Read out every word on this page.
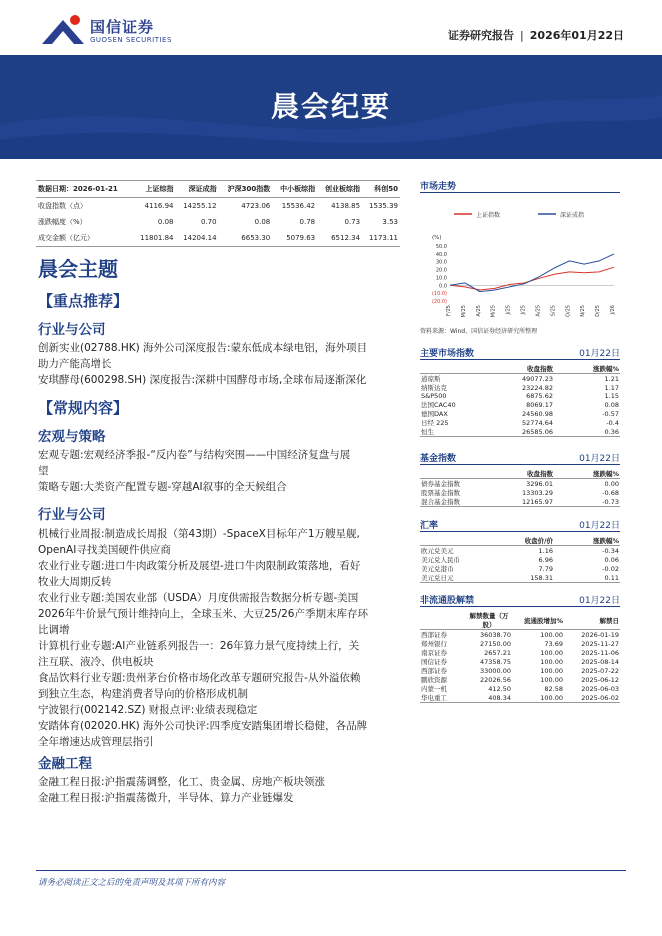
国信证券
GUOSEN SECURITIES	证券研究报告 | 2026年01月22日
晨会纪要
数据日期：2026-01-21	上证综指	深证成指	沪深300指数	中小板综指	创业板综指	科创50
收盘指数（点）	4116.94	14255.12	4723.06	15536.42	4138.85	1535.39
涨跌幅度（%）	0.08	0.70	0.08	0.78	0.73	3.53
成交金额（亿元）	11801.84	14204.14	6653.30	5079.63	6512.34	1173.11
晨会主题
【重点推荐】
行业与公司
创新实业(02788.HK) 海外公司深度报告:蒙东低成本绿电铝，海外项目
助力产能高增长
安琪酵母(600298.SH) 深度报告:深耕中国酵母市场,全球布局逐渐深化
【常规内容】
宏观与策略
宏观专题:宏观经济季报-“反内卷”与结构突围——中国经济复盘与展
望
策略专题:大类资产配置专题-穿越AI叙事的全天候组合
行业与公司
机械行业周报:制造成长周报（第43期）-SpaceX目标年产1万艘星舰,
OpenAI寻找美国硬件供应商
农业行业专题:进口牛肉政策分析及展望-进口牛肉限制政策落地，看好
牧业大周期反转
农业行业专题:美国农业部（USDA）月度供需报告数据分析专题-美国
2026年牛价景气预计维持向上，全球玉米、大豆25/26产季期末库存环
比调增
计算机行业专题:AI产业链系列报告一：26年算力景气度持续上行，关
注互联、液冷、供电板块
食品饮料行业专题:贵州茅台价格市场化改革专题研究报告-从外溢依赖
到独立生态，构建消费者导向的价格形成机制
宁波银行(002142.SZ) 财报点评:业绩表现稳定
安踏体育(02020.HK) 海外公司快评:四季度安踏集团增长稳健，各品牌
全年增速达成管理层指引
金融工程
金融工程日报:沪指震荡调整，化工、贵金属、房地产板块领涨
金融工程日报:沪指震荡微升，半导体、算力产业链爆发
市场走势
上证指数	深证成指
(%)
50.0
40.0
30.0
20.0
10.0
0.0
(10.0)
(20.0)
F/25 M/25 A/25 M/25 J/25 J/25 A/25 S/25 O/25 N/25 D/25 J/26
资料来源：Wind、国信证券经济研究所整理
主要市场指数	01月22日
	收盘指数	涨跌幅%
道琼斯	49077.23	1.21
纳斯达克	23224.82	1.17
S&P500	6875.62	1.15
法国CAC40	8069.17	0.08
德国DAX	24560.98	-0.57
日经 225	52774.64	-0.4
恒生	26585.06	0.36
基金指数	01月22日
	收盘指数	涨跌幅%
债券基金指数	3296.01	0.00
股票基金指数	13303.29	-0.68
混合基金指数	12165.97	-0.73
汇率	01月22日
	收盘价/价	涨跌幅%
欧元兑美元	1.16	-0.34
美元兑人民币	6.96	0.06
美元兑港币	7.79	-0.02
美元兑日元	158.31	0.11
非流通股解禁	01月22日
	解禁数量（万股）	流通股增加%	解禁日
西部证券	36038.70	100.00	2026-01-19
郑州银行	27150.00	73.69	2025-11-27
南京证券	2657.21	100.00	2025-11-06
国信证券	47358.75	100.00	2025-08-14
西部证券	33000.00	100.00	2025-07-22
鹏欣资源	22026.56	100.00	2025-06-12
内蒙一机	412.50	82.58	2025-06-03
华电重工	408.34	100.00	2025-06-02
请务必阅读正文之后的免责声明及其项下所有内容
